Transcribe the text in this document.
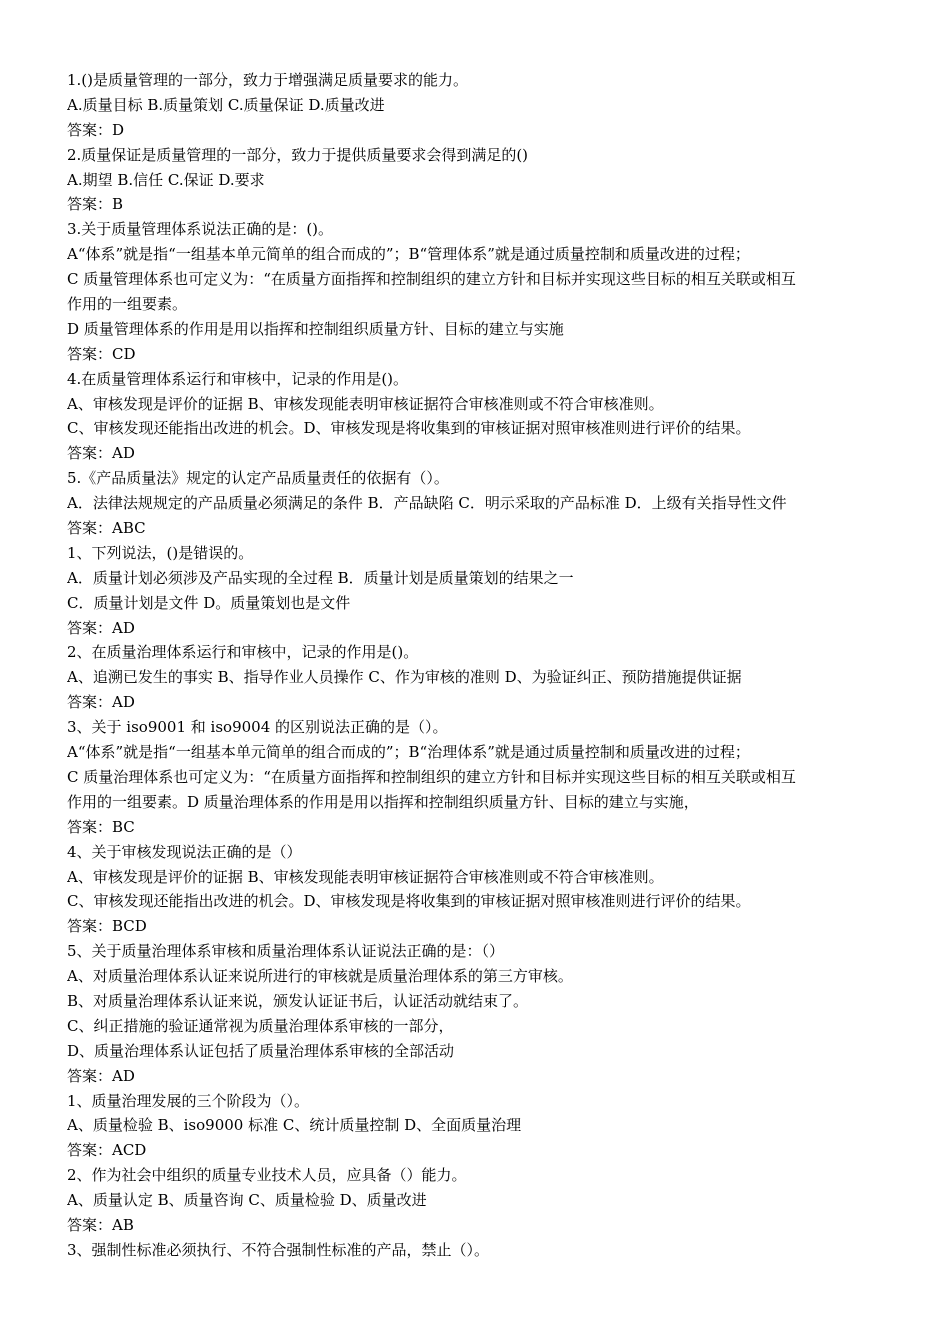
1.()是质量管理的一部分，致力于增强满足质量要求的能力。
A.质量目标 B.质量策划 C.质量保证 D.质量改进
答案：D
2.质量保证是质量管理的一部分，致力于提供质量要求会得到满足的()
A.期望 B.信任 C.保证 D.要求
答案：B
3.关于质量管理体系说法正确的是：()。
A“体系”就是指“一组基本单元简单的组合而成的”；B“管理体系”就是通过质量控制和质量改进的过程；
C 质量管理体系也可定义为：“在质量方面指挥和控制组织的建立方针和目标并实现这些目标的相互关联或相互
作用的一组要素。
D 质量管理体系的作用是用以指挥和控制组织质量方针、目标的建立与实施
答案：CD
4.在质量管理体系运行和审核中，记录的作用是()。
A、审核发现是评价的证据 B、审核发现能表明审核证据符合审核准则或不符合审核准则。
C、审核发现还能指出改进的机会。D、审核发现是将收集到的审核证据对照审核准则进行评价的结果。
答案：AD
5.《产品质量法》规定的认定产品质量责任的依据有（）。
A．法律法规规定的产品质量必须满足的条件 B．产品缺陷 C．明示采取的产品标准 D．上级有关指导性文件
答案：ABC
1、下列说法，()是错误的。
A．质量计划必须涉及产品实现的全过程 B．质量计划是质量策划的结果之一
C．质量计划是文件 D。质量策划也是文件
答案：AD
2、在质量治理体系运行和审核中，记录的作用是()。
A、追溯已发生的事实 B、指导作业人员操作 C、作为审核的准则 D、为验证纠正、预防措施提供证据
答案：AD
3、关于 iso9001 和 iso9004 的区别说法正确的是（）。
A“体系”就是指“一组基本单元简单的组合而成的”；B“治理体系”就是通过质量控制和质量改进的过程；
C 质量治理体系也可定义为：“在质量方面指挥和控制组织的建立方针和目标并实现这些目标的相互关联或相互
作用的一组要素。D 质量治理体系的作用是用以指挥和控制组织质量方针、目标的建立与实施，
答案：BC
4、关于审核发现说法正确的是（）
A、审核发现是评价的证据 B、审核发现能表明审核证据符合审核准则或不符合审核准则。
C、审核发现还能指出改进的机会。D、审核发现是将收集到的审核证据对照审核准则进行评价的结果。
答案：BCD
5、关于质量治理体系审核和质量治理体系认证说法正确的是：（）
A、对质量治理体系认证来说所进行的审核就是质量治理体系的第三方审核。
B、对质量治理体系认证来说，颁发认证证书后，认证活动就结束了。
C、纠正措施的验证通常视为质量治理体系审核的一部分，
D、质量治理体系认证包括了质量治理体系审核的全部活动
答案：AD
1、质量治理发展的三个阶段为（）。
A、质量检验 B、iso9000 标准 C、统计质量控制 D、全面质量治理
答案：ACD
2、作为社会中组织的质量专业技术人员，应具备（）能力。
A、质量认定 B、质量咨询 C、质量检验 D、质量改进
答案：AB
3、强制性标准必须执行、不符合强制性标准的产品，禁止（）。
